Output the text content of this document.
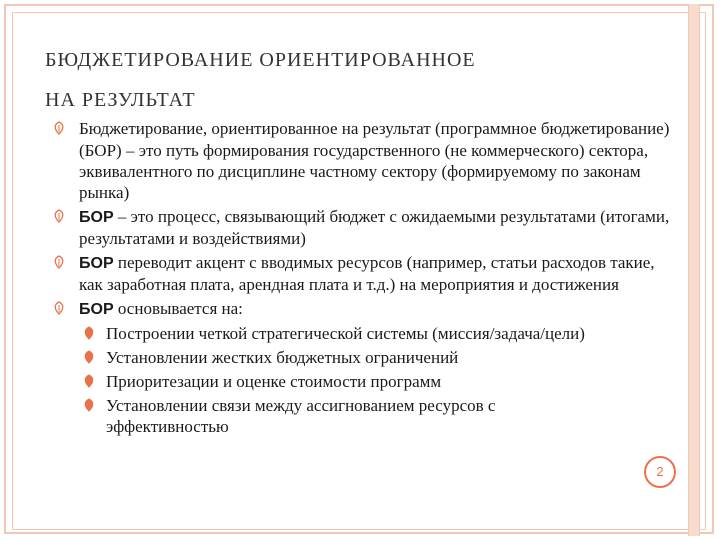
БЮДЖЕТИРОВАНИЕ ОРИЕНТИРОВАННОЕ
НА РЕЗУЛЬТАТ
Бюджетирование, ориентированное на результат (программное бюджетирование) (БОР) – это путь формирования государственного (не коммерческого) сектора, эквивалентного по дисциплине частному сектору (формируемому по законам рынка)
БОР – это процесс, связывающий бюджет с ожидаемыми результатами (итогами, результатами и воздействиями)
БОР переводит акцент с вводимых ресурсов (например, статьи расходов такие, как заработная плата, арендная плата и т.д.) на мероприятия и достижения
БОР основывается на:
Построении четкой стратегической системы (миссия/задача/цели)
Установлении жестких бюджетных ограничений
Приоритезации и оценке стоимости программ
Установлении связи между ассигнованием ресурсов с эффективностью
2
